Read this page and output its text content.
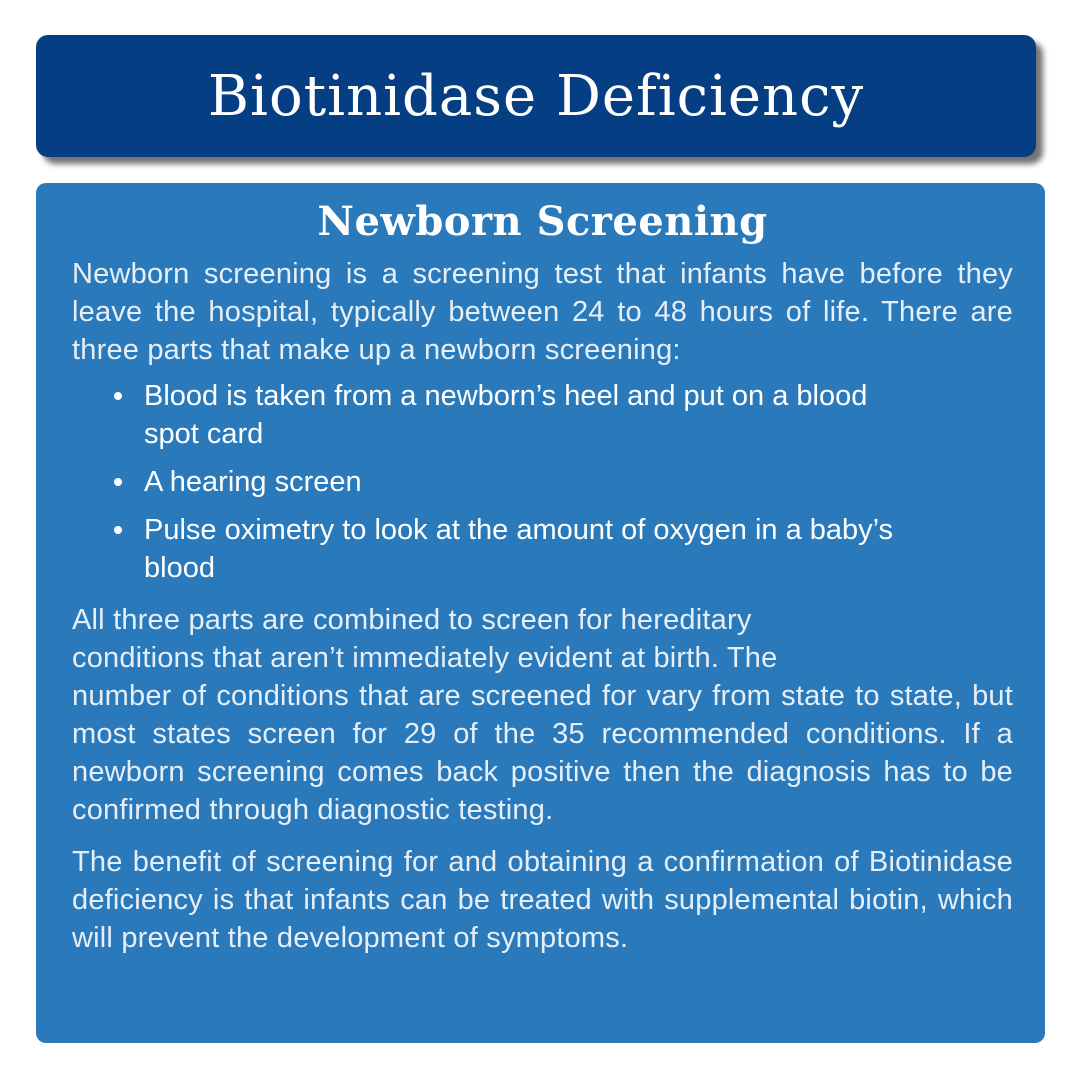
Biotinidase Deficiency
Newborn Screening

Newborn screening is a screening test that infants have before they leave the hospital, typically between 24 to 48 hours of life. There are three parts that make up a newborn screening:

Blood is taken from a newborn’s heel and put on a blood spot card
A hearing screen
Pulse oximetry to look at the amount of oxygen in a baby’s blood

All three parts are combined to screen for hereditary conditions that aren’t immediately evident at birth. The

number of conditions that are screened for vary from state to state, but most states screen for 29 of the 35 recommended conditions. If a newborn screening comes back positive then the diagnosis has to be confirmed through diagnostic testing.

The benefit of screening for and obtaining a confirmation of Biotinidase deficiency is that infants can be treated with supplemental biotin, which will prevent the development of symptoms.
